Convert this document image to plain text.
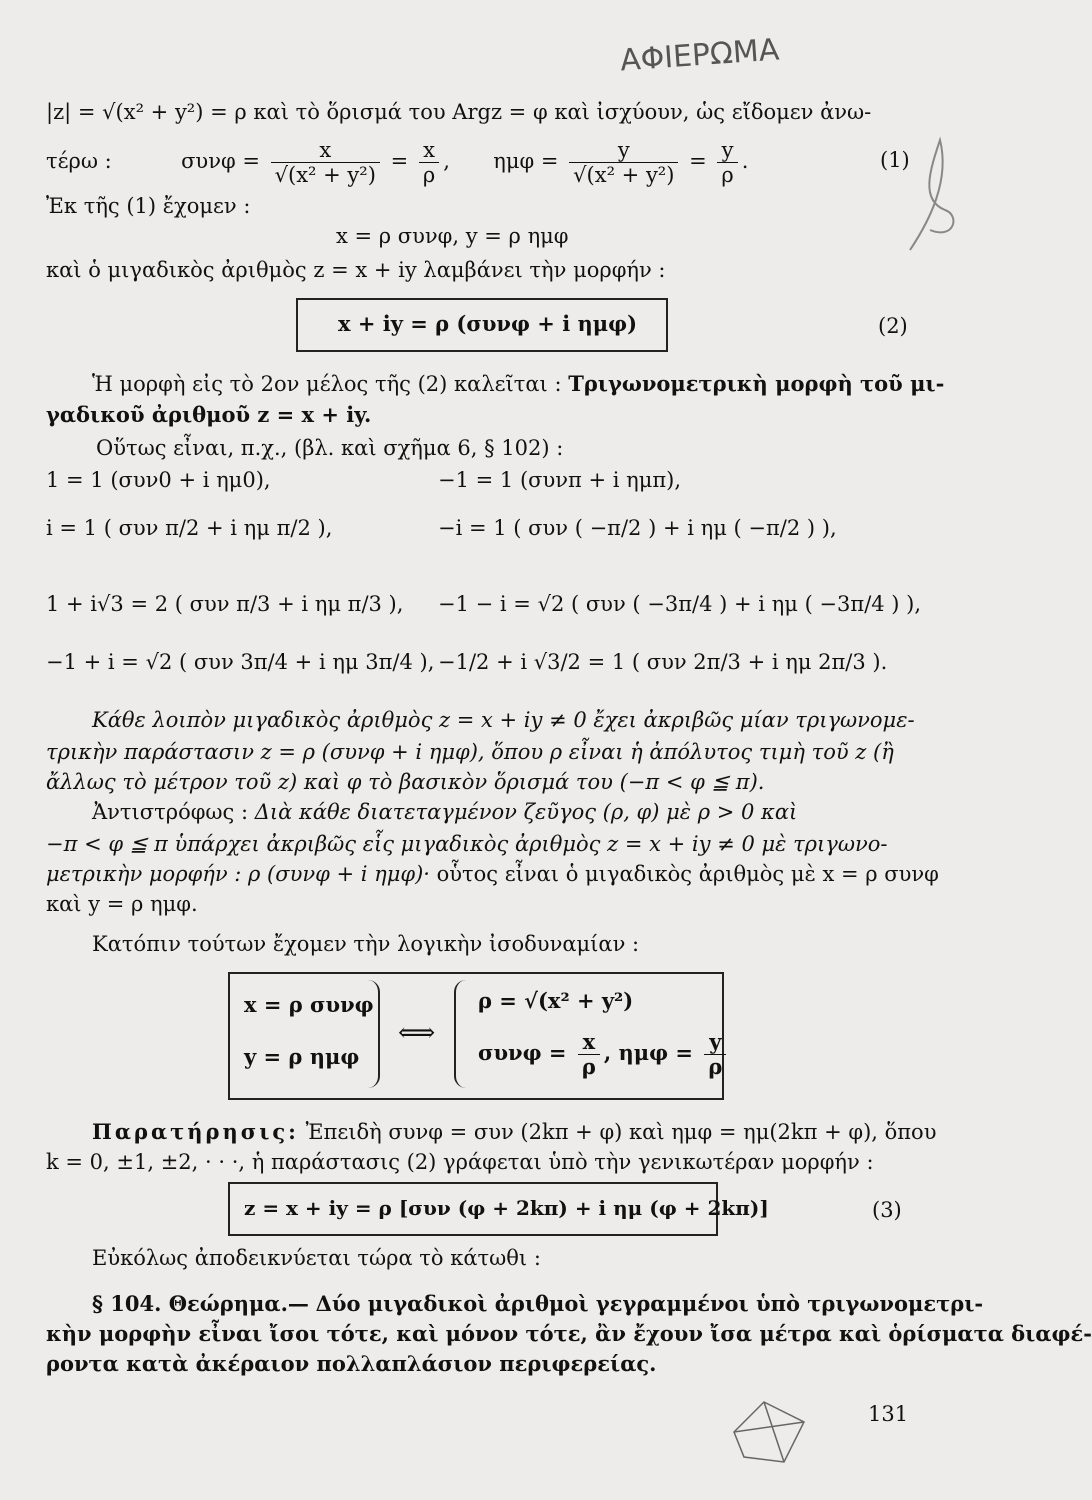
ΑΦΙΕΡΩΜΑ
|z| = √(x² + y²) = ρ καὶ τὸ ὅρισμά του Argz = φ καὶ ἰσχύουν, ὡς εἴδομεν ἀνω-
τέρω :	$\sigma\upsilon\nu\varphi = \frac{x}{\text{√(x² + y²)}} = \frac{x}{\rho}$ ,  $\eta\mu\varphi = \frac{y}{\text{√(x² + y²)}} = \frac{y}{\rho}$ .	(1)
Ἐκ τῆς (1) ἔχομεν :
x = ρ συνφ, y = ρ ημφ
καὶ ὁ μιγαδικὸς ἀριθμὸς z = x + iy λαμβάνει τὴν μορφήν :
x + iy = ρ (συνφ + i ημφ)	(2)
Ἡ μορφὴ εἰς τὸ 2ον μέλος τῆς (2) καλεῖται : Τριγωνομετρικὴ μορφὴ τοῦ μι-
γαδικοῦ ἀριθμοῦ z = x + iy.
Οὕτως εἶναι, π.χ., (βλ. καὶ σχῆμα 6, § 102) :
1 = 1 (συν0 + i ημ0),	−1 = 1 (συνπ + i ημπ),
i = 1 ( συν π/2 + i ημ π/2 ),	−i = 1 ( συν ( −π/2 ) + i ημ ( −π/2 ) ),
1 + i√3 = 2 ( συν π/3 + i ημ π/3 ), −1 − i = √2 ( συν ( −3π/4 ) + i ημ ( −3π/4 ) ),
−1 + i = √2 ( συν 3π/4 + i ημ 3π/4 ), −1/2 + i √3/2 = 1 ( συν 2π/3 + i ημ 2π/3 ).
Κάθε λοιπὸν μιγαδικὸς ἀριθμὸς z = x + iy ≠ 0 ἔχει ἀκριβῶς μίαν τριγωνομε-
τρικὴν παράστασιν z = ρ (συνφ + i ημφ), ὅπου ρ εἶναι ἡ ἀπόλυτος τιμὴ τοῦ z (ἢ
ἄλλως τὸ μέτρον τοῦ z) καὶ φ τὸ βασικὸν ὅρισμά του (−π < φ ≦ π).
Ἀντιστρόφως : Διὰ κάθε διατεταγμένον ζεῦγος (ρ, φ) μὲ ρ > 0 καὶ
−π < φ ≦ π ὑπάρχει ἀκριβῶς εἷς μιγαδικὸς ἀριθμὸς z = x + iy ≠ 0 μὲ τριγωνο-
μετρικὴν μορφήν : ρ (συνφ + i ημφ)· οὗτος εἶναι ὁ μιγαδικὸς ἀριθμὸς μὲ x = ρ συνφ
καὶ y = ρ ημφ.
Κατόπιν τούτων ἔχομεν τὴν λογικὴν ἰσοδυναμίαν :
x = ρ συνφ
y = ρ ημφ
⟺
ρ = √(x² + y²)
$\sigma\upsilon\nu\varphi = \frac{x}{\rho}$ , $\eta\mu\varphi = \frac{y}{\rho}$
Παρατήρησις: Ἐπειδὴ συνφ = συν (2kπ + φ) καὶ ημφ = ημ(2kπ + φ), ὅπου
k = 0, ±1, ±2, · · ·, ἡ παράστασις (2) γράφεται ὑπὸ τὴν γενικωτέραν μορφήν :
z = x + iy = ρ [συν (φ + 2kπ) + i ημ (φ + 2kπ)]	(3)
Εὐκόλως ἀποδεικνύεται τώρα τὸ κάτωθι :
§ 104. Θεώρημα.— Δύο μιγαδικοὶ ἀριθμοὶ γεγραμμένοι ὑπὸ τριγωνομετρι-
κὴν μορφὴν εἶναι ἴσοι τότε, καὶ μόνον τότε, ἂν ἔχουν ἴσα μέτρα καὶ ὁρίσματα διαφέ-
ροντα κατὰ ἀκέραιον πολλαπλάσιον περιφερείας.
131
